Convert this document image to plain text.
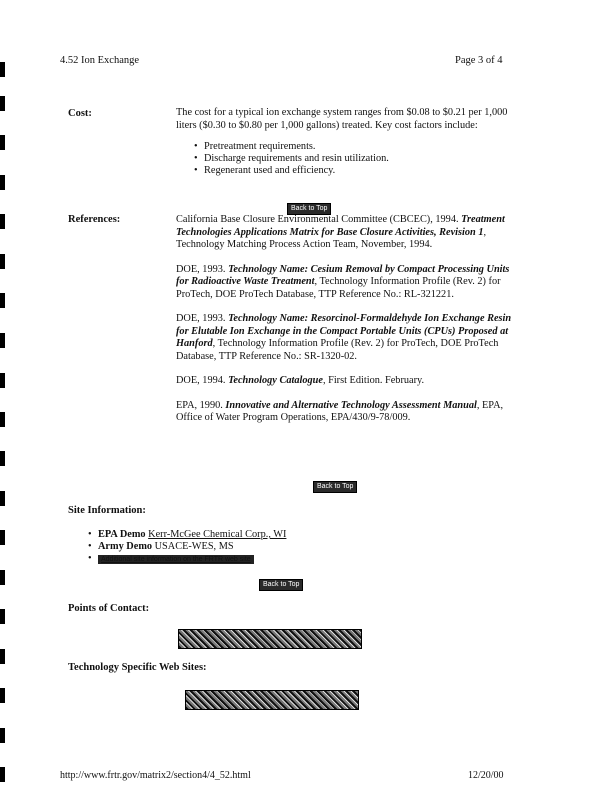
4.52 Ion Exchange	Page 3 of 4
Cost:	The cost for a typical ion exchange system ranges from $0.08 to $0.21 per 1,000 liters ($0.30 to $0.80 per 1,000 gallons) treated. Key cost factors include:
• Pretreatment requirements.
• Discharge requirements and resin utilization.
• Regenerant used and efficiency.
Back to Top
References:	California Base Closure Environmental Committee (CBCEC), 1994. Treatment Technologies Applications Matrix for Base Closure Activities, Revision 1, Technology Matching Process Action Team, November, 1994.
DOE, 1993. Technology Name: Cesium Removal by Compact Processing Units for Radioactive Waste Treatment, Technology Information Profile (Rev. 2) for ProTech, DOE ProTech Database, TTP Reference No.: RL-321221.
DOE, 1993. Technology Name: Resorcinol-Formaldehyde Ion Exchange Resin for Elutable Ion Exchange in the Compact Portable Units (CPUs) Proposed at Hanford, Technology Information Profile (Rev. 2) for ProTech, DOE ProTech Database, TTP Reference No.: SR-1320-02.
DOE, 1994. Technology Catalogue, First Edition. February.
EPA, 1990. Innovative and Alternative Technology Assessment Manual, EPA, Office of Water Program Operations, EPA/430/9-78/009.
Back to Top
Site Information:
• EPA Demo Kerr-McGee Chemical Corp., WI
• Army Demo USACE-WES, MS
• Additional site information on the FRTR web site
Back to Top
Points of Contact:
Technology Specific Web Sites:
http://www.frtr.gov/matrix2/section4/4_52.html	12/20/00
